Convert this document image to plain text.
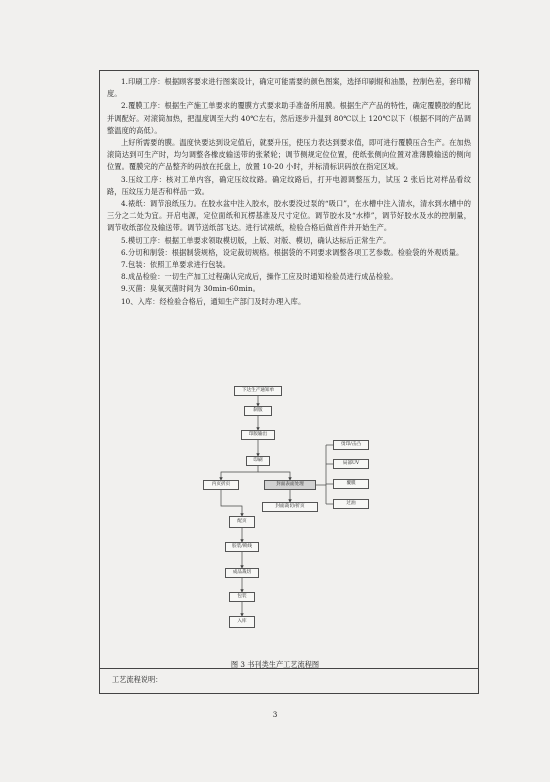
1.印刷工序：根据顾客要求进行图案设计，确定可能需要的颜色图案，选择印刷辊和油墨，控制色差，套印精度。

2.覆膜工序：根据生产施工单要求的覆膜方式要求助手准备所用膜。根据生产产品的特性，确定覆膜胶的配比并调配好。对滚筒加热，把温度调至大约 40℃左右，然后逐步升温到 80℃以上 120℃以下（根据不同的产品调整温度的高低）。

上好所需要的膜。温度快要达到设定值后，就要升压，使压力表达到要求值，即可进行覆膜压合生产。在加热滚筒达到可生产时，均匀调整各橡皮输送带的张紧轮；调节侧规定位位置，使纸张侧向位置对准薄膜输送的侧向位置。覆膜完的产品整齐的码放在托盘上，放置 10-20 小时，并标清标识码放在指定区域。

3.压纹工序：核对工单内容，确定压纹纹路。确定纹路后，打开电源调整压力，试压 2 张后比对样品看纹路，压纹压力是否和样品一致。

4.裱纸：调节浪纸压力。在胶水盆中注入胶水，胶水要没过泵的“吸口”，在水槽中注入清水，清水到水槽中的三分之二处为宜。开启电源，定位面纸和瓦楞基准及尺寸定位。调节胶水及“水棒”，调节好胶水及水的控制量，调节收纸部位及输送带。调节送纸部飞达。进行试裱纸，检验合格后做首件并开始生产。

5.模切工序：根据工单要求领取模切版，上版、对版、模切，确认达标后正常生产。

6.分切和制袋：根据制袋规格，设定裁切规格。根据袋的不同要求调整各项工艺参数。检验袋的外观质量。

7.包装：依照工单要求进行包装。

8.成品检验：一切生产加工过程确认完成后，操作工应及时通知检验员进行成品检验。

9.灭菌：臭氧灭菌时间为 30min-60min。

10、入库：经检验合格后，通知生产部门及时办理入库。

下达生产通知单
制版
印版输出
印刷
内页折页	封面表面处理
封面裁切/折页
烫印/击凸
局部UV
覆膜
过油
配页
胶装/锁线
成品裁切
包装
入库
图 3 书刊类生产工艺流程图
工艺流程说明：
3
